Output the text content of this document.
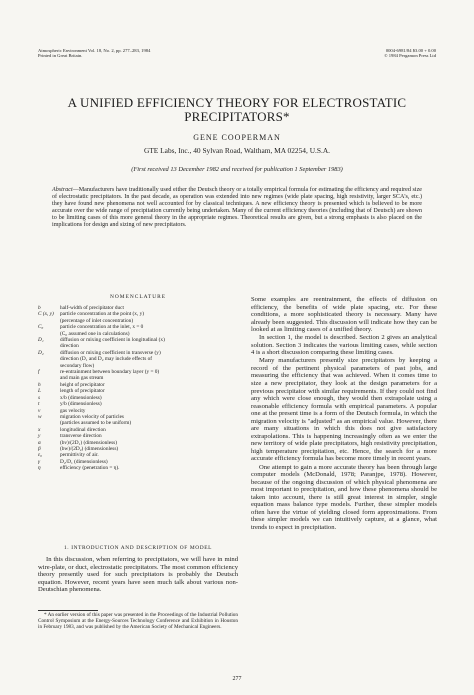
Atmospheric Environment Vol. 18, No. 2, pp. 277–283, 1984
Printed in Great Britain.
0004-6981/84 $3.00 + 0.00
© 1984 Pergamon Press Ltd
A UNIFIED EFFICIENCY THEORY FOR ELECTROSTATIC PRECIPITATORS*
GENE COOPERMAN
GTE Labs, Inc., 40 Sylvan Road, Waltham, MA 02254, U.S.A.
(First received 13 December 1982 and received for publication 1 September 1983)
Abstract—Manufacturers have traditionally used either the Deutsch theory or a totally empirical formula for estimating the efficiency and required size of electrostatic precipitators. In the past decade, as operation was extended into new regimes (wide plate spacing, high resistivity, larger SCA's, etc.) they have found new phenomena not well accounted for by classical techniques. A new efficiency theory is presented which is believed to be more accurate over the wide range of precipitation currently being undertaken. Many of the current efficiency theories (including that of Deutsch) are shown to be limiting cases of this more general theory in the appropriate regimes. Theoretical results are given, but a strong emphasis is also placed on the implications for design and sizing of new precipitators.
NOMENCLATURE
b	half-width of precipitator duct
C (x, y)	particle concentration at the point (x, y)
(percentage of inlet concentration)
C₀	particle concentration at the inlet, x = 0
(C₀ assumed one in calculations)
D₁	diffusion or mixing coefficient in longitudinal (x)
direction
D₂	diffusion or mixing coefficient in transverse (y)
direction (D₁ and D₂ may include effects of
secondary flow)
f	re-entrainment between boundary layer (y = 0)
and main gas stream
h	height of precipitator
L	length of precipitator
s	x/b (dimensionless)
t	y/b (dimensionless)
v	gas velocity
w	migration velocity of particles
(particles assumed to be uniform)
x	longitudinal direction
y	transverse direction
α	(bv)/(2D₁) (dimensionless)
β	(bw)/(2D₂) (dimensionless)
ε₀	permittivity of air.
γ	D₂/D₁ (dimensionless)
η	efficiency (penetration = η).
1. INTRODUCTION AND DESCRIPTION OF MODEL
In this discussion, when referring to precipitators, we will have in mind wire-plate, or duct, electrostatic precipitators. The most common efficiency theory presently used for such precipitators is probably the Deutsch equation. However, recent years have seen much talk about various non-Deutschian phenomena.
* An earlier version of this paper was presented in the Proceedings of the Industrial Pollution Control Symposium at the Energy-Sources Technology Conference and Exhibition in Houston in February 1983, and was published by the American Society of Mechanical Engineers.

Some examples are reentrainment, the effects of diffusion on efficiency, the benefits of wide plate spacing, etc. For these conditions, a more sophisticated theory is necessary. Many have already been suggested. This discussion will indicate how they can be looked at as limiting cases of a unified theory.

In section 1, the model is described. Section 2 gives an analytical solution. Section 3 indicates the various limiting cases, while section 4 is a short discussion comparing these limiting cases.

Many manufacturers presently size precipitators by keeping a record of the pertinent physical parameters of past jobs, and measuring the efficiency that was achieved. When it comes time to size a new precipitator, they look at the design parameters for a previous precipitator with similar requirements. If they could not find any which were close enough, they would then extrapolate using a reasonable efficiency formula with empirical parameters. A popular one at the present time is a form of the Deutsch formula, in which the migration velocity is "adjusted" as an empirical value. However, there are many situations in which this does not give satisfactory extrapolations. This is happening increasingly often as we enter the new territory of wide plate precipitators, high resistivity precipitation, high temperature precipitation, etc. Hence, the search for a more accurate efficiency formula has become more timely in recent years.

One attempt to gain a more accurate theory has been through large computer models (McDonald, 1978; Paranjpe, 1978). However, because of the ongoing discussion of which physical phenomena are most important to precipitation, and how these phenomena should be taken into account, there is still great interest in simpler, single equation mass balance type models. Further, these simpler models often have the virtue of yielding closed form approximations. From these simpler models we can intuitively capture, at a glance, what trends to expect in precipitation.

277
